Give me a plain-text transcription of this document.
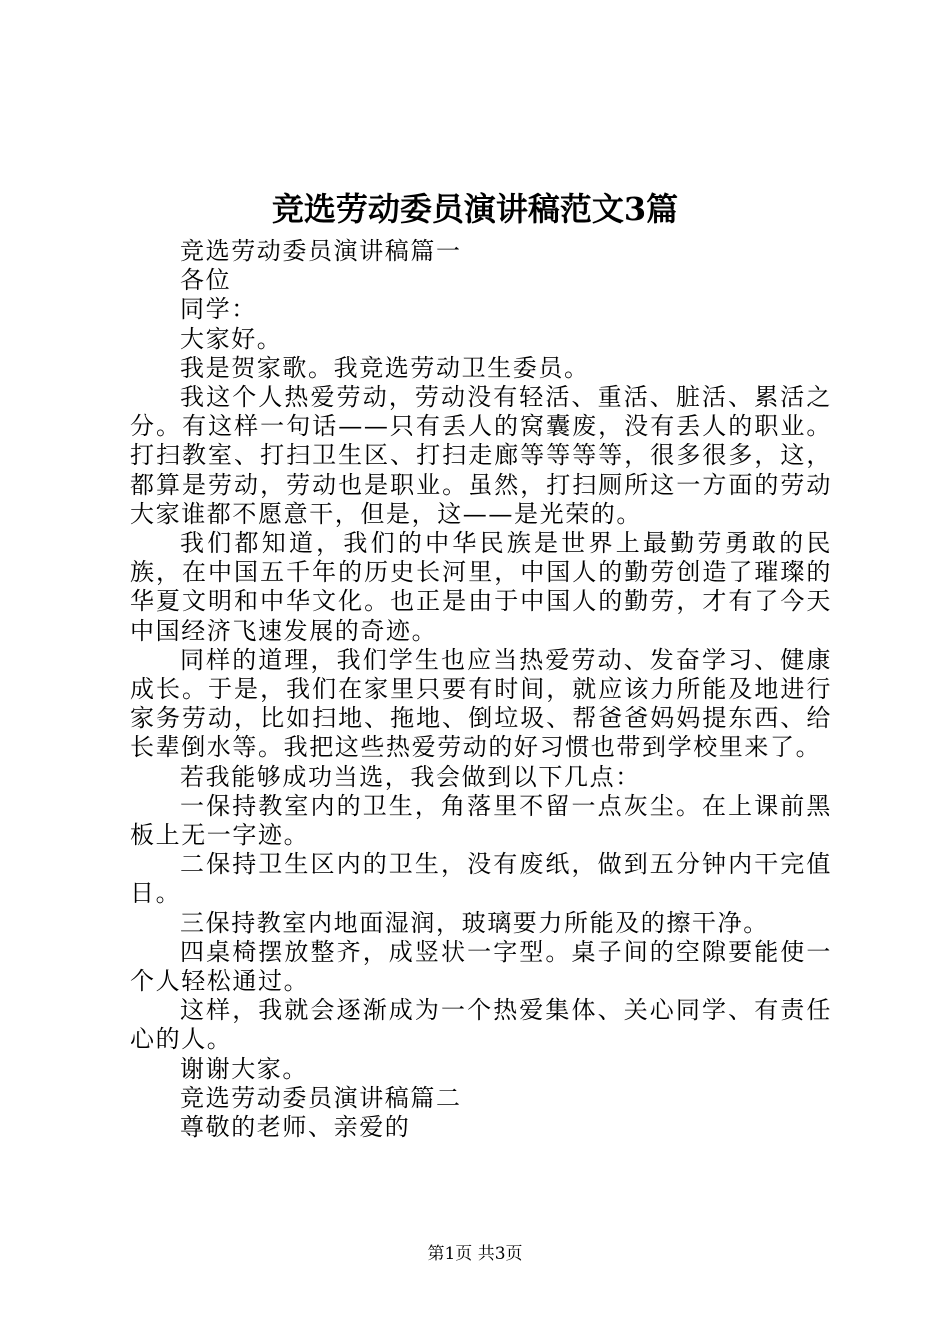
竞选劳动委员演讲稿范文3篇

竞选劳动委员演讲稿篇一

各位

同学：

大家好。

我是贺家歌。我竞选劳动卫生委员。

我这个人热爱劳动，劳动没有轻活、重活、脏活、累活之分。有这样一句话——只有丢人的窝囊废，没有丢人的职业。打扫教室、打扫卫生区、打扫走廊等等等等，很多很多，这，都算是劳动，劳动也是职业。虽然，打扫厕所这一方面的劳动大家谁都不愿意干，但是，这——是光荣的。

我们都知道，我们的中华民族是世界上最勤劳勇敢的民族，在中国五千年的历史长河里，中国人的勤劳创造了璀璨的华夏文明和中华文化。也正是由于中国人的勤劳，才有了今天中国经济飞速发展的奇迹。

同样的道理，我们学生也应当热爱劳动、发奋学习、健康成长。于是，我们在家里只要有时间，就应该力所能及地进行家务劳动，比如扫地、拖地、倒垃圾、帮爸爸妈妈提东西、给长辈倒水等。我把这些热爱劳动的好习惯也带到学校里来了。

若我能够成功当选，我会做到以下几点：

一保持教室内的卫生，角落里不留一点灰尘。在上课前黑板上无一字迹。

二保持卫生区内的卫生，没有废纸，做到五分钟内干完值日。

三保持教室内地面湿润，玻璃要力所能及的擦干净。

四桌椅摆放整齐，成竖状一字型。桌子间的空隙要能使一个人轻松通过。

这样，我就会逐渐成为一个热爱集体、关心同学、有责任心的人。

谢谢大家。

竞选劳动委员演讲稿篇二

尊敬的老师、亲爱的

第1页 共3页
